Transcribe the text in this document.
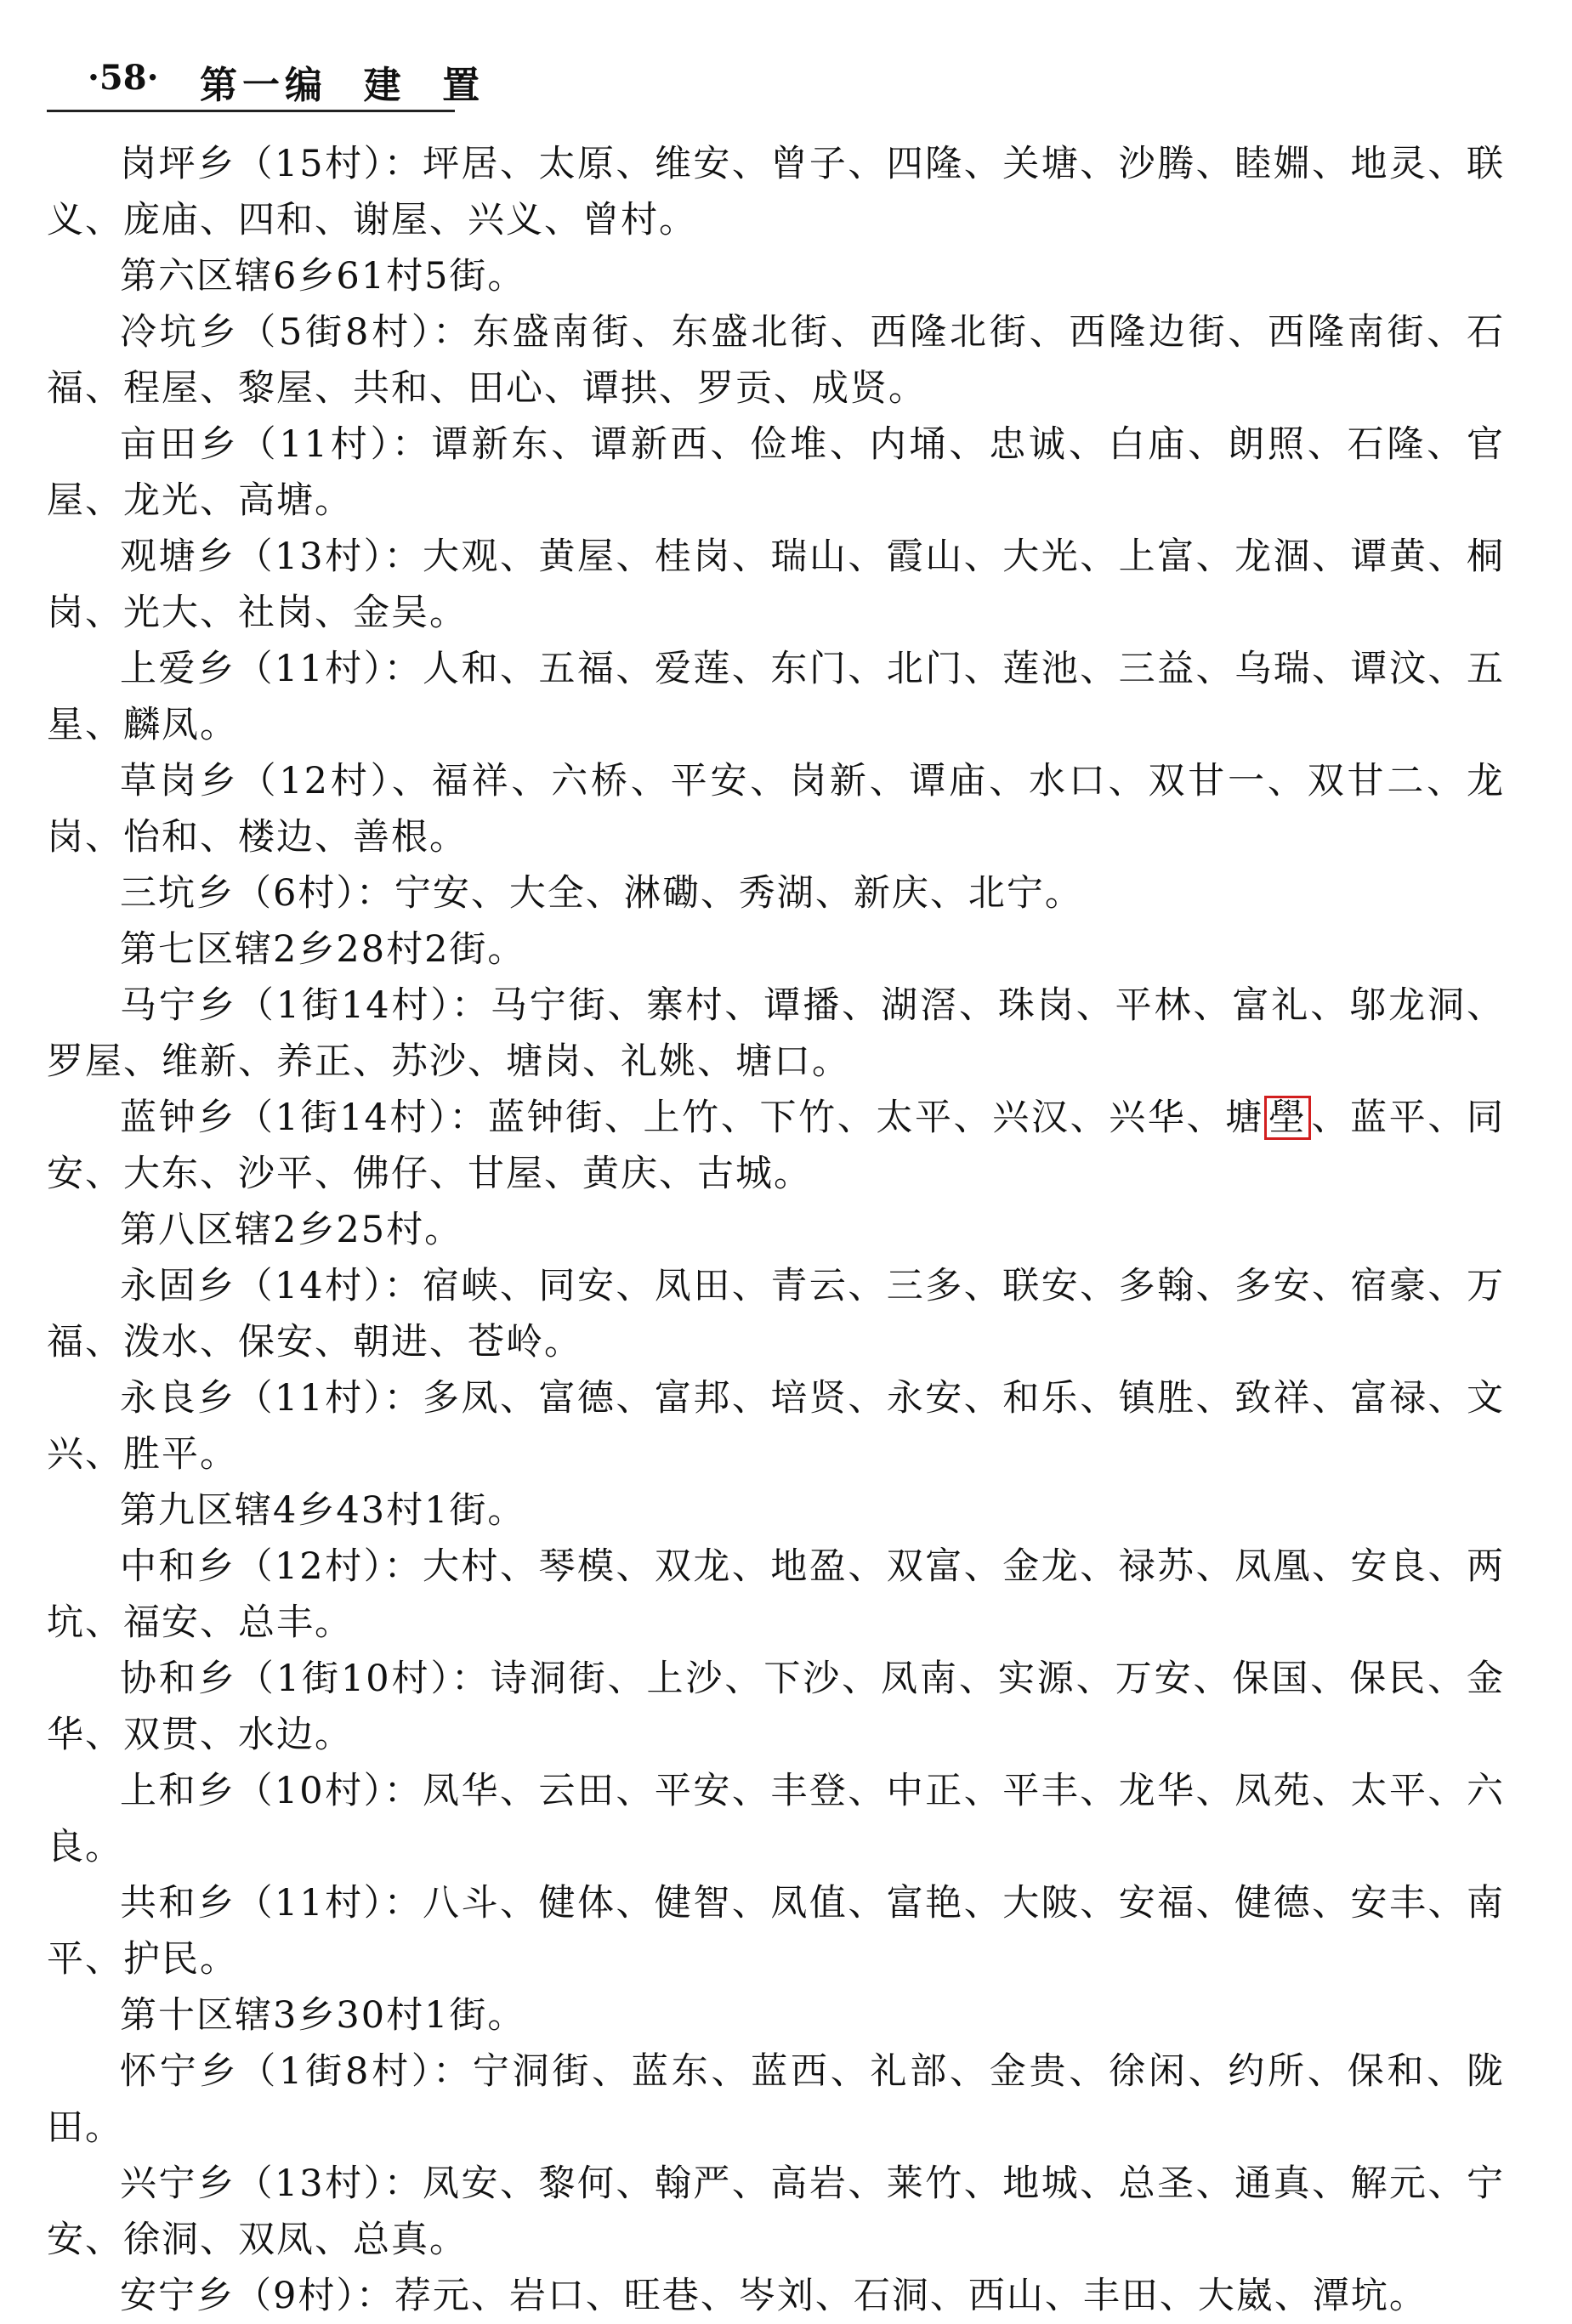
·58· 第一编  建  置

岗坪乡（15村）：坪居、太原、维安、曾子、四隆、关塘、沙腾、睦婣、地灵、联义、庞庙、四和、谢屋、兴义、曾村。

第六区辖6乡61村5街。

冷坑乡（5街8村）：东盛南街、东盛北街、西隆北街、西隆边街、西隆南街、石福、程屋、黎屋、共和、田心、谭拱、罗贡、成贤。

亩田乡（11村）：谭新东、谭新西、俭堆、内埇、忠诚、白庙、朗照、石隆、官屋、龙光、高塘。

观塘乡（13村）：大观、黄屋、桂岗、瑞山、霞山、大光、上富、龙涸、谭黄、桐岗、光大、社岗、金吴。

上爱乡（11村）：人和、五福、爱莲、东门、北门、莲池、三益、乌瑞、谭汶、五星、麟凤。

草岗乡（12村）、福祥、六桥、平安、岗新、谭庙、水口、双甘一、双甘二、龙岗、怡和、楼边、善根。

三坑乡（6村）：宁安、大全、淋磡、秀湖、新庆、北宁。

第七区辖2乡28村2街。

马宁乡（1街14村）：马宁街、寨村、谭播、湖滘、珠岗、平林、富礼、邬龙洞、罗屋、维新、养正、苏沙、塘岗、礼姚、塘口。

蓝钟乡（1街14村）：蓝钟街、上竹、下竹、太平、兴汉、兴华、塘 壆 、蓝平、同安、大东、沙平、佛仔、甘屋、黄庆、古城。

第八区辖2乡25村。

永固乡（14村）：宿峡、同安、凤田、青云、三多、联安、多翰、多安、宿豪、万福、泼水、保安、朝进、苍岭。

永良乡（11村）：多凤、富德、富邦、培贤、永安、和乐、镇胜、致祥、富禄、文兴、胜平。

第九区辖4乡43村1街。

中和乡（12村）：大村、琴模、双龙、地盈、双富、金龙、禄苏、凤凰、安良、两坑、福安、总丰。

协和乡（1街10村）：诗洞街、上沙、下沙、凤南、实源、万安、保国、保民、金华、双贯、水边。

上和乡（10村）：凤华、云田、平安、丰登、中正、平丰、龙华、凤苑、太平、六良。

共和乡（11村）：八斗、健体、健智、凤值、富艳、大陂、安福、健德、安丰、南平、护民。

第十区辖3乡30村1街。

怀宁乡（1街8村）：宁洞街、蓝东、蓝西、礼部、金贵、徐闲、约所、保和、陇田。

兴宁乡（13村）：凤安、黎何、翰严、高岩、莱竹、地城、总圣、通真、解元、宁安、徐洞、双凤、总真。

安宁乡（9村）：荐元、岩口、旺巷、岑刘、石洞、西山、丰田、大崴、潭坑。
